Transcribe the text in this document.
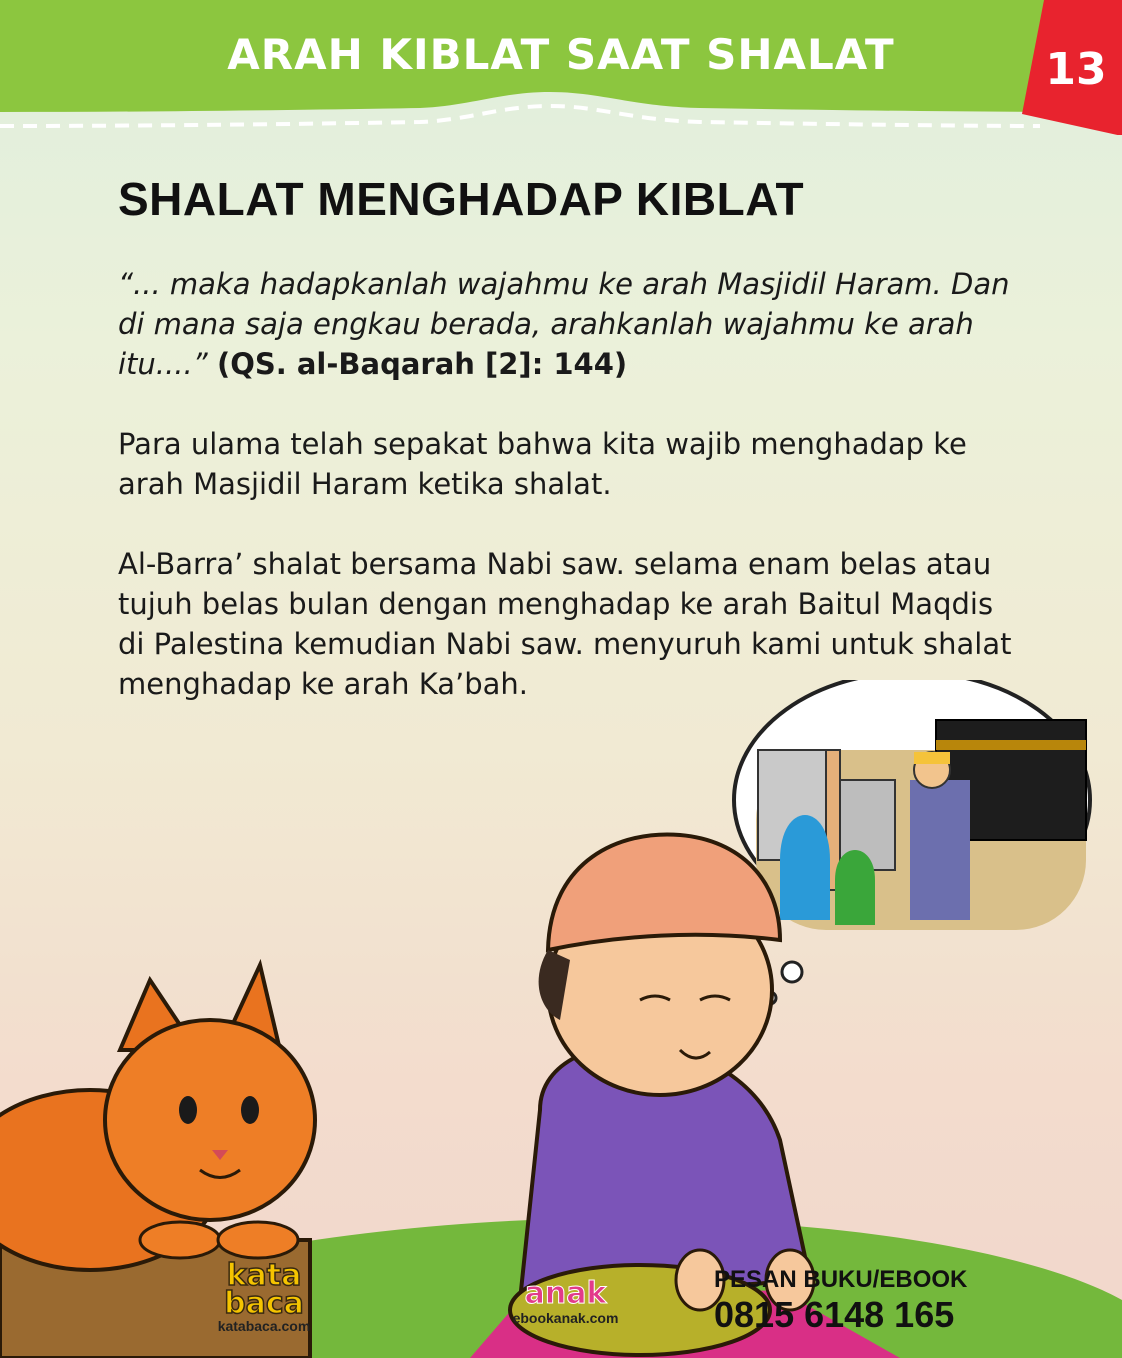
ARAH KIBLAT SAAT SHALAT	13
SHALAT MENGHADAP KIBLAT

“... maka hadapkanlah wajahmu ke arah Masjidil Haram. Dan di mana saja engkau berada, arahkanlah wajahmu ke arah itu....” (QS. al-Baqarah [2]: 144)

Para ulama telah sepakat bahwa kita wajib menghadap ke arah Masjidil Haram ketika shalat.

Al-Barra’ shalat bersama Nabi saw. selama enam belas atau tujuh belas bulan dengan menghadap ke arah Baitul Maqdis di Palestina kemudian Nabi saw. menyuruh kami untuk shalat menghadap ke arah Ka’bah.

kata baca
katabaca.com
anak
ebookanak.com
PESAN BUKU/EBOOK
0815 6148 165
